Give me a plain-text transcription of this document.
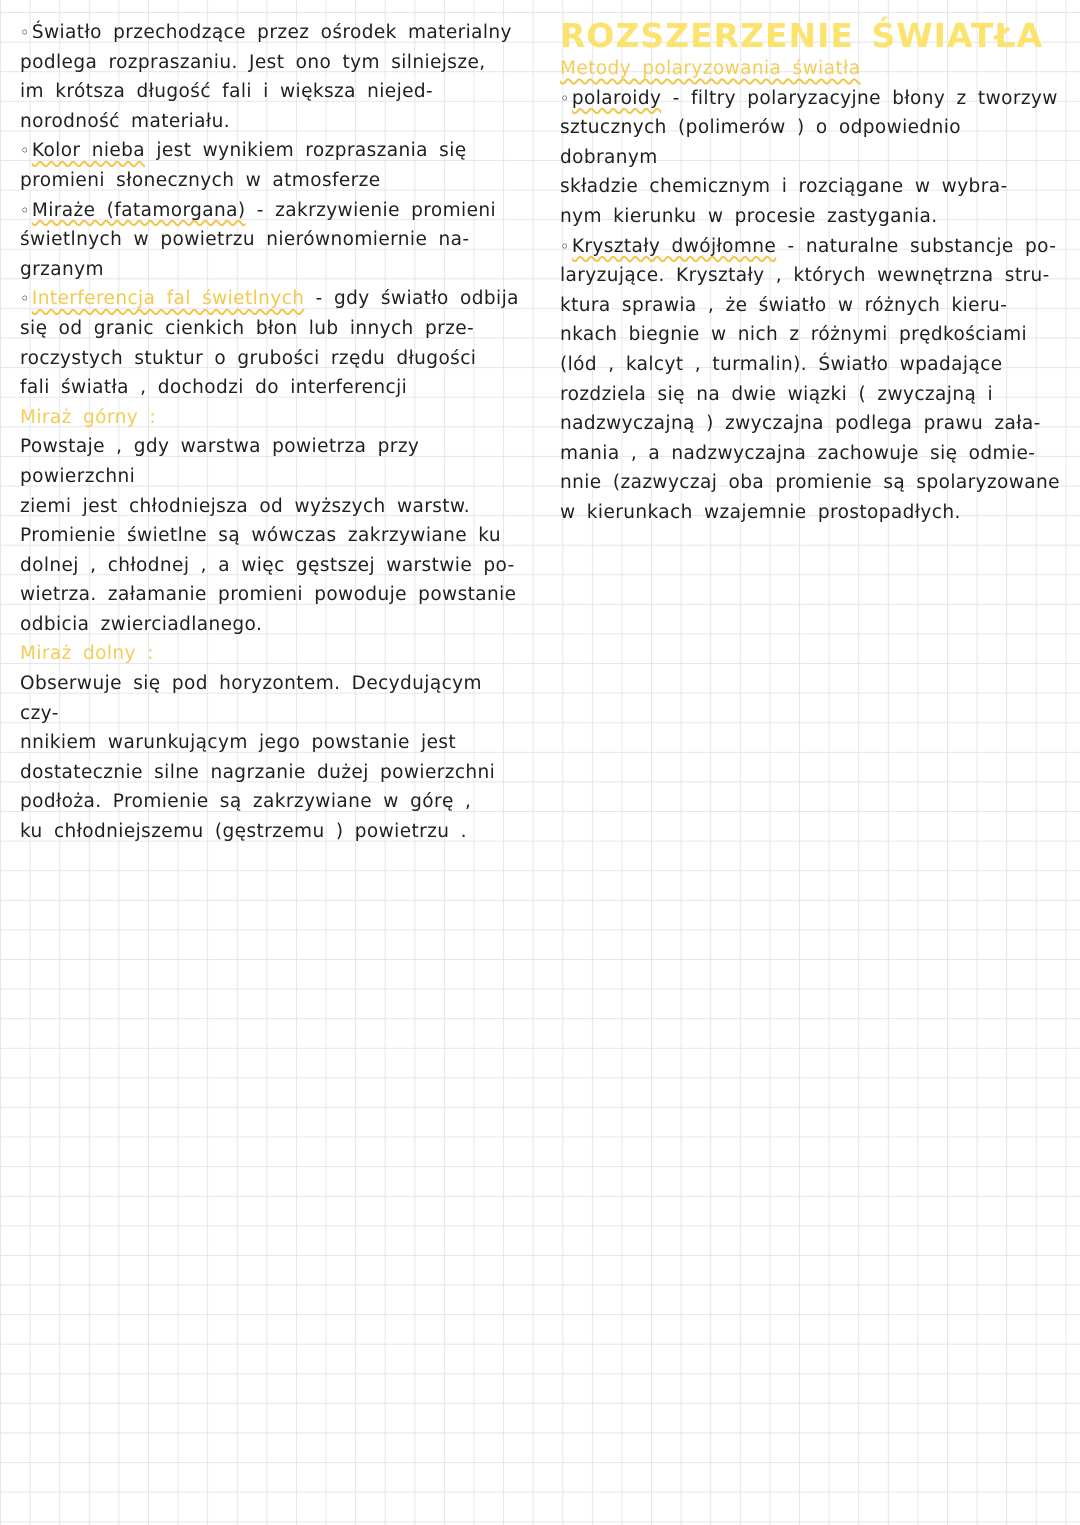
◦ Światło przechodzące przez ośrodek materialny
podlega rozpraszaniu. Jest ono tym silniejsze,
im krótsza długość fali i większa niejed-
norodność materiału.

◦ Kolor nieba jest wynikiem rozpraszania się
promieni słonecznych w atmosferze

◦ Miraże (fatamorgana) - zakrzywienie promieni
świetlnych w powietrzu nierównomiernie na-
grzanym

◦ Interferencja fal świetlnych - gdy światło odbija
się od granic cienkich błon lub innych prze-
roczystych stuktur o grubości rzędu długości
fali światła , dochodzi do interferencji

Miraż górny :

Powstaje , gdy warstwa powietrza przy powierzchni
ziemi jest chłodniejsza od wyższych warstw.
Promienie świetlne są wówczas zakrzywiane ku
dolnej , chłodnej , a więc gęstszej warstwie po-
wietrza. załamanie promieni powoduje powstanie
odbicia zwierciadlanego.

Miraż dolny :

Obserwuje się pod horyzontem. Decydującym czy-
nnikiem warunkującym jego powstanie jest
dostatecznie silne nagrzanie dużej powierzchni
podłoża. Promienie są zakrzywiane w górę ,
ku chłodniejszemu (gęstrzemu ) powietrzu .

ROZSZERZENIE ŚWIATŁA

Metody polaryzowania światła

◦ polaroidy - filtry polaryzacyjne błony z tworzyw
sztucznych (polimerów ) o odpowiednio dobranym
składzie chemicznym i rozciągane w wybra-
nym kierunku w procesie zastygania.

◦ Kryształy dwójłomne - naturalne substancje po-
laryzujące. Kryształy , których wewnętrzna stru-
ktura sprawia , że światło w różnych kieru-
nkach biegnie w nich z różnymi prędkościami
(lód , kalcyt , turmalin). Światło wpadające
rozdziela się na dwie wiązki ( zwyczajną i
nadzwyczajną ) zwyczajna podlega prawu zała-
mania , a nadzwyczajna zachowuje się odmie-
nnie (zazwyczaj oba promienie są spolaryzowane
w kierunkach wzajemnie prostopadłych.
